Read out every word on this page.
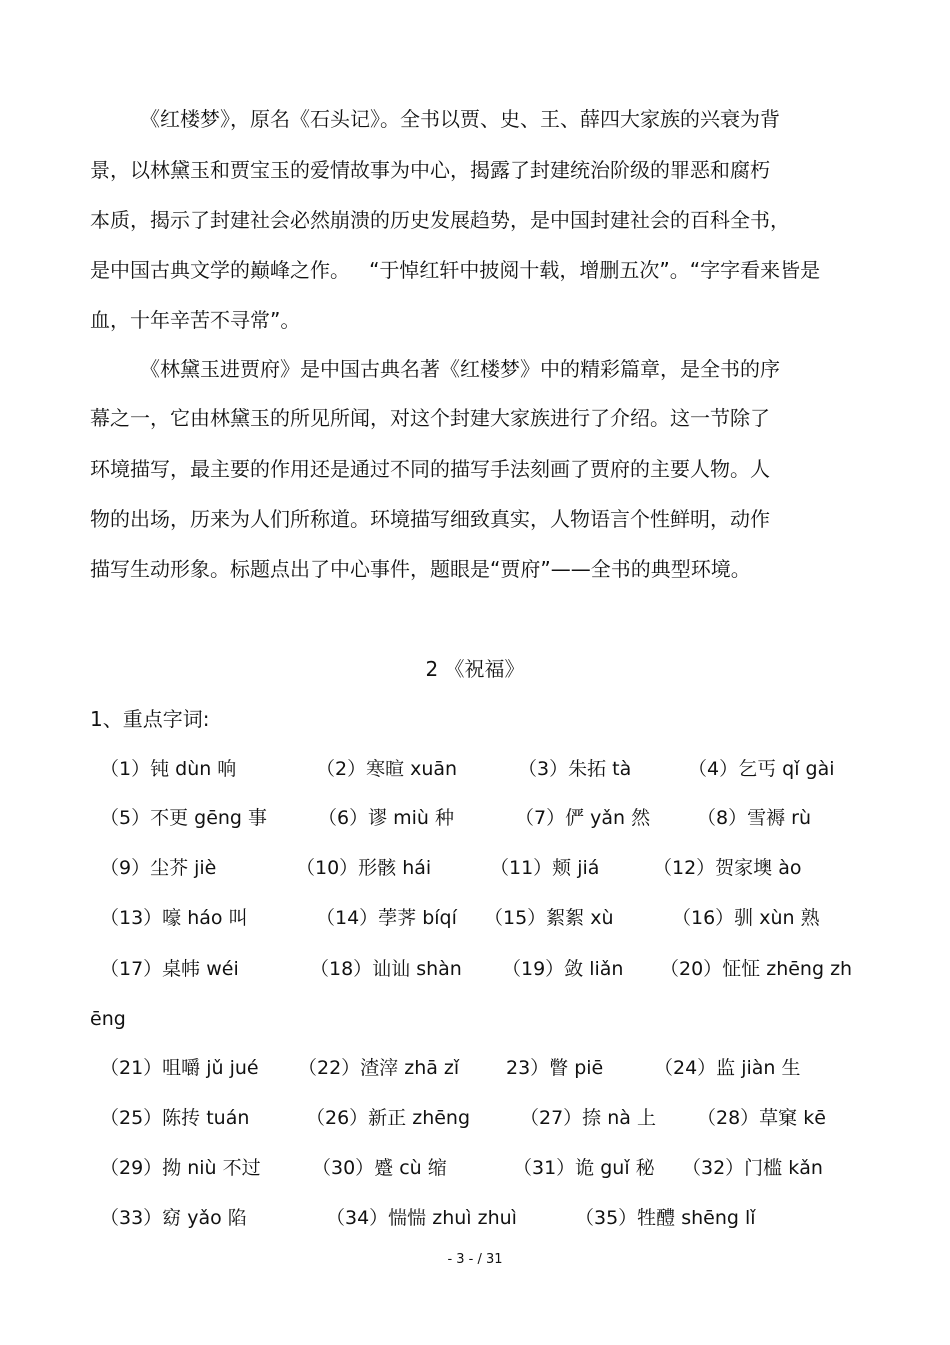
《红楼梦》，原名《石头记》。全书以贾、史、王、薛四大家族的兴衰为背
景，以林黛玉和贾宝玉的爱情故事为中心，揭露了封建统治阶级的罪恶和腐朽
本质，揭示了封建社会必然崩溃的历史发展趋势，是中国封建社会的百科全书，
是中国古典文学的巅峰之作。   “于悼红轩中披阅十载，增删五次”。“字字看来皆是
血，十年辛苦不寻常”。
《林黛玉进贾府》是中国古典名著《红楼梦》中的精彩篇章，是全书的序
幕之一，它由林黛玉的所见所闻，对这个封建大家族进行了介绍。这一节除了
环境描写，最主要的作用还是通过不同的描写手法刻画了贾府的主要人物。人
物的出场，历来为人们所称道。环境描写细致真实，人物语言个性鲜明，动作
描写生动形象。标题点出了中心事件，题眼是“贾府”——全书的典型环境。
2 《祝福》
1、重点字词:
（1）钝 dùn 响	（2）寒暄 xuān	（3）朱拓 tà	（4）乞丐 qǐ gài
（5）不更 gēng 事	（6）谬 miù 种	（7）俨 yǎn 然 （8）雪褥 rù
（9）尘芥 jiè	（10）形骸 hái	（11）颊 jiá	（12）贺家墺 ào
（13）嚎 háo 叫	（14）荸荠 bíqí （15）絮絮 xù	（16）驯 xùn 熟
（17）桌帏 wéi	（18）讪讪 shàn （19）敛 liǎn （20）怔怔 zhēng zh
ēng
（21）咀嚼 jǔ jué （22）渣滓 zhā zǐ 23）瞥 piē	（24）监 jiàn 生
（25）陈抟 tuán	（26）新正 zhēng	（27）捺 nà 上 （28）草窠 kē
（29）拗 niù 不过	（30）蹙 cù 缩	（31）诡 guǐ 秘 （32）门槛 kǎn
（33）窈 yǎo 陷	（34）惴惴 zhuì zhuì	（35）牲醴 shēng lǐ
- 3 - / 31
